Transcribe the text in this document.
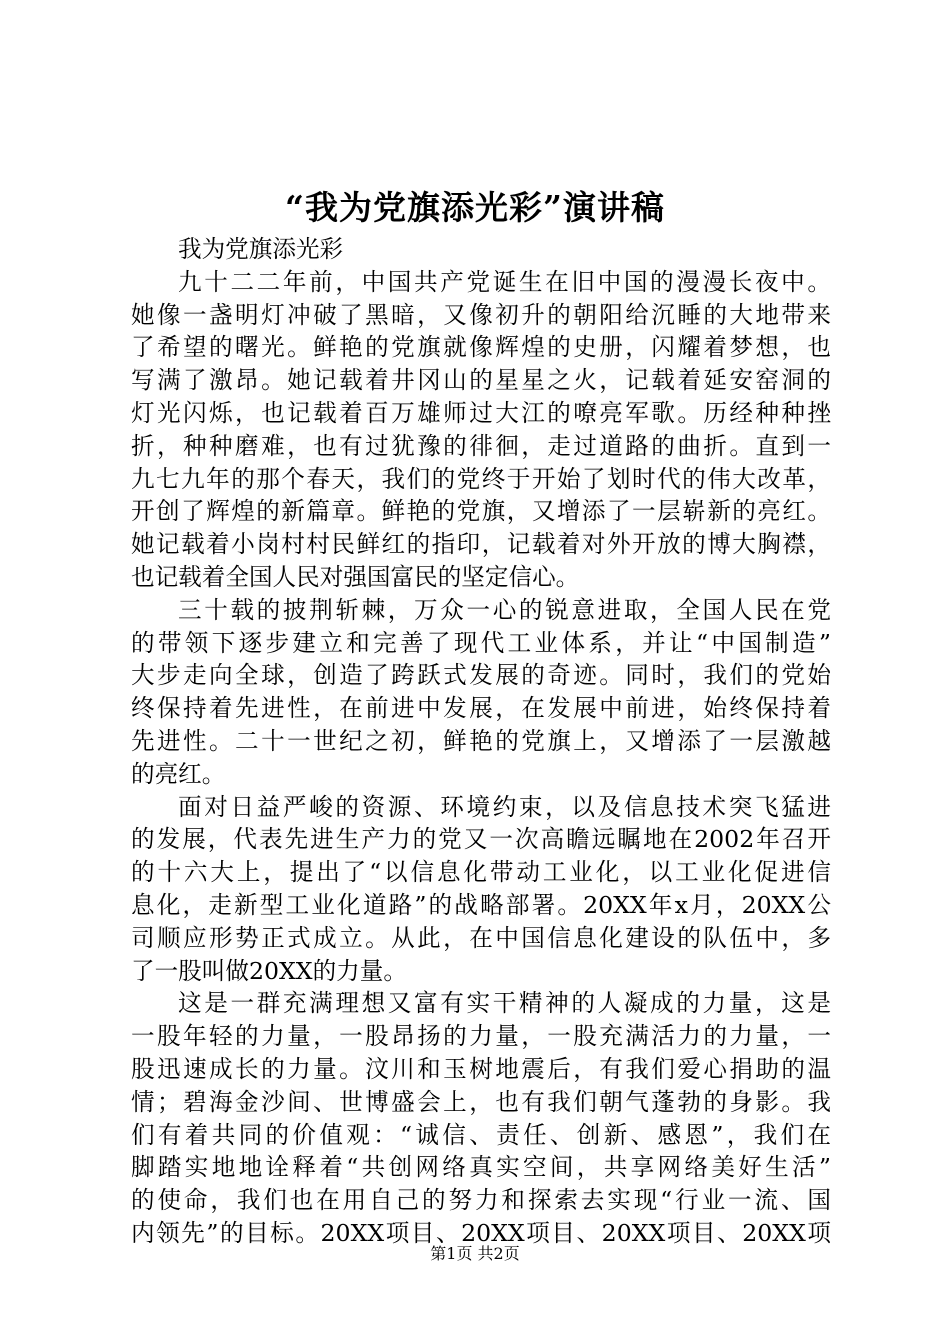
“我为党旗添光彩”演讲稿
我为党旗添光彩
九十二二年前，中国共产党诞生在旧中国的漫漫长夜中。
她像一盏明灯冲破了黑暗，又像初升的朝阳给沉睡的大地带来
了希望的曙光。鲜艳的党旗就像辉煌的史册，闪耀着梦想，也
写满了激昂。她记载着井冈山的星星之火，记载着延安窑洞的
灯光闪烁，也记载着百万雄师过大江的嘹亮军歌。历经种种挫
折，种种磨难，也有过犹豫的徘徊，走过道路的曲折。直到一
九七九年的那个春天，我们的党终于开始了划时代的伟大改革，
开创了辉煌的新篇章。鲜艳的党旗，又增添了一层崭新的亮红。
她记载着小岗村村民鲜红的指印，记载着对外开放的博大胸襟，
也记载着全国人民对强国富民的坚定信心。
三十载的披荆斩棘，万众一心的锐意进取，全国人民在党
的带领下逐步建立和完善了现代工业体系，并让“中国制造”
大步走向全球，创造了跨跃式发展的奇迹。同时，我们的党始
终保持着先进性，在前进中发展，在发展中前进，始终保持着
先进性。二十一世纪之初，鲜艳的党旗上，又增添了一层激越
的亮红。
面对日益严峻的资源、环境约束，以及信息技术突飞猛进
的发展，代表先进生产力的党又一次高瞻远瞩地在2002年召开
的十六大上，提出了“以信息化带动工业化，以工业化促进信
息化，走新型工业化道路”的战略部署。20XX年x月，20XX公
司顺应形势正式成立。从此，在中国信息化建设的队伍中，多
了一股叫做20XX的力量。
这是一群充满理想又富有实干精神的人凝成的力量，这是
一股年轻的力量，一股昂扬的力量，一股充满活力的力量，一
股迅速成长的力量。汶川和玉树地震后，有我们爱心捐助的温
情；碧海金沙间、世博盛会上，也有我们朝气蓬勃的身影。我
们有着共同的价值观：“诚信、责任、创新、感恩”，我们在
脚踏实地地诠释着“共创网络真实空间，共享网络美好生活”
的使命，我们也在用自己的努力和探索去实现“行业一流、国
内领先”的目标。20XX项目、20XX项目、20XX项目、20XX项
第1页 共2页
